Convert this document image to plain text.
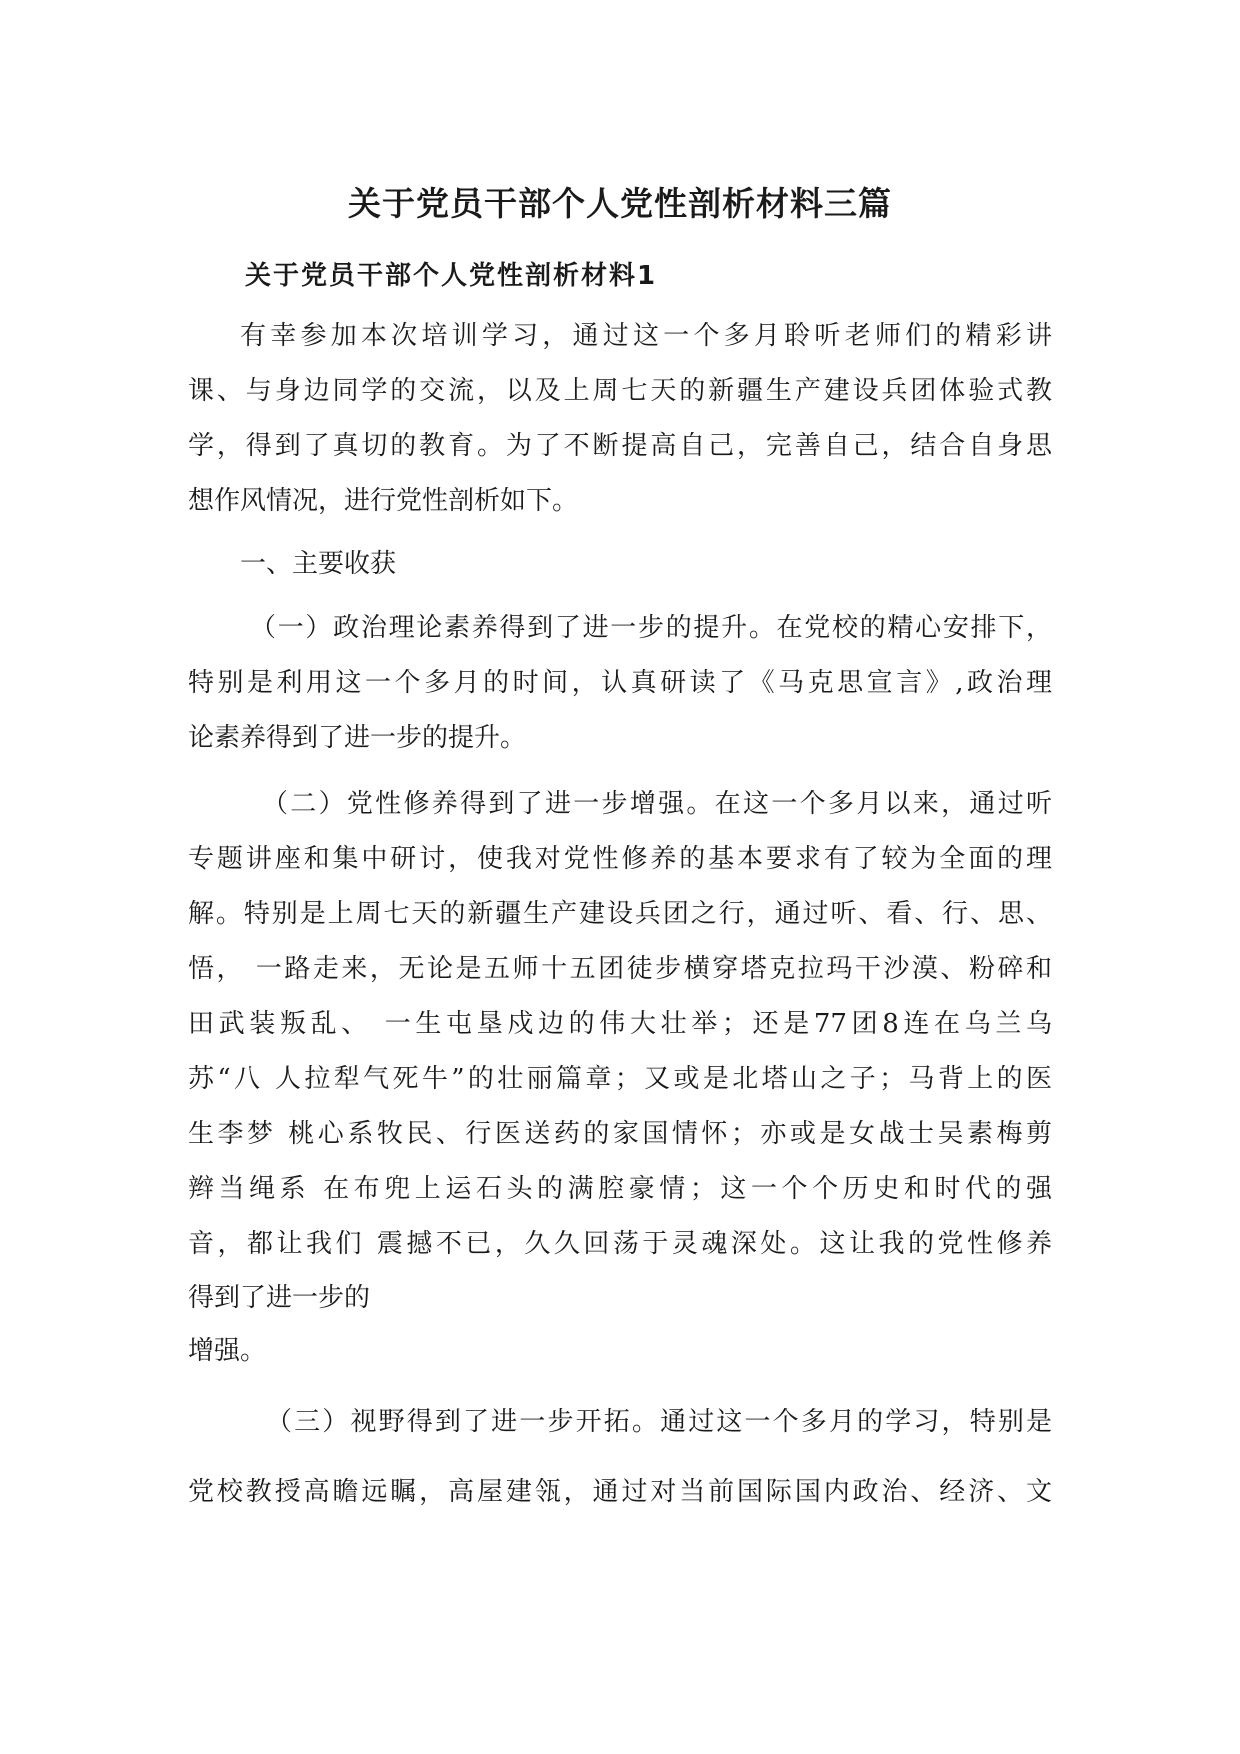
关于党员干部个人党性剖析材料三篇
关于党员干部个人党性剖析材料1
有幸参加本次培训学习，通过这一个多月聆听老师们的精彩讲
课、与身边同学的交流，以及上周七天的新疆生产建设兵团体验式教
学，得到了真切的教育。为了不断提高自己，完善自己，结合自身思
想作风情况，进行党性剖析如下。
一、主要收获
（一）政治理论素养得到了进一步的提升。在党校的精心安排下，
特别是利用这一个多月的时间，认真研读了《马克思宣言》,政治理
论素养得到了进一步的提升。
（二）党性修养得到了进一步增强。在这一个多月以来，通过听
专题讲座和集中研讨，使我对党性修养的基本要求有了较为全面的理
解。特别是上周七天的新疆生产建设兵团之行，通过听、看、行、思、
悟， 一路走来，无论是五师十五团徒步横穿塔克拉玛干沙漠、粉碎和
田武装叛乱、 一生屯垦戍边的伟大壮举；还是77团8连在乌兰乌
苏“八 人拉犁气死牛”的壮丽篇章；又或是北塔山之子；马背上的医
生李梦 桃心系牧民、行医送药的家国情怀；亦或是女战士吴素梅剪
辫当绳系 在布兜上运石头的满腔豪情；这一个个历史和时代的强
音，都让我们 震撼不已，久久回荡于灵魂深处。这让我的党性修养
得到了进一步的
增强。
（三）视野得到了进一步开拓。通过这一个多月的学习，特别是
党校教授高瞻远瞩，高屋建瓴，通过对当前国际国内政治、经济、文
